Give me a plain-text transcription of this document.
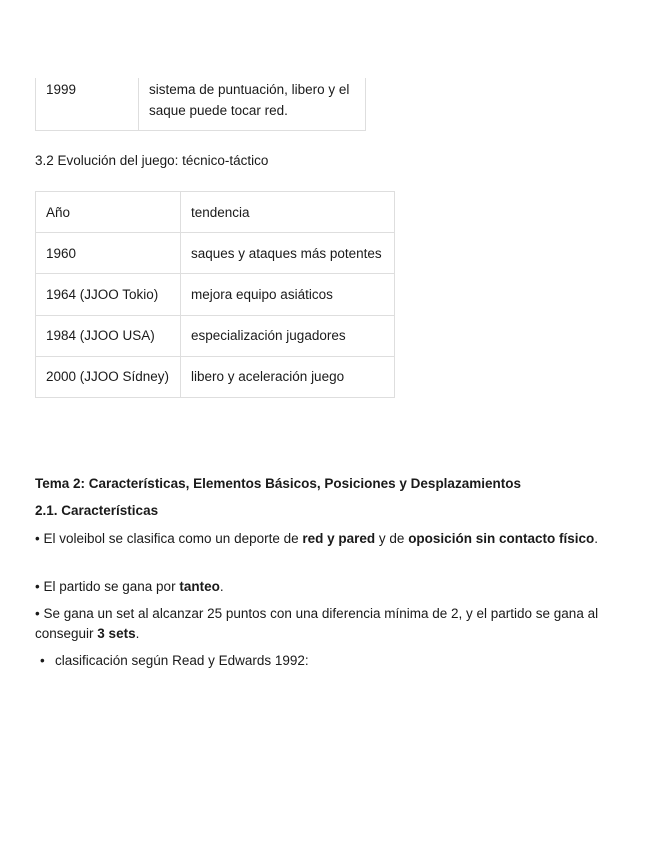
1999	sistema de puntuación, libero y el saque puede tocar red.
3.2 Evolución del juego: técnico-táctico
Año	tendencia
1960	saques y ataques más potentes
1964 (JJOO Tokio)	mejora equipo asiáticos
1984 (JJOO USA)	especialización jugadores
2000 (JJOO Sídney)	libero y aceleración juego
Tema 2: Características, Elementos Básicos, Posiciones y Desplazamientos
2.1. Características
• El voleibol se clasifica como un deporte de red y pared y de oposición sin contacto físico.
• El partido se gana por tanteo.
• Se gana un set al alcanzar 25 puntos con una diferencia mínima de 2, y el partido se gana al conseguir 3 sets.
• clasificación según Read y Edwards 1992:
